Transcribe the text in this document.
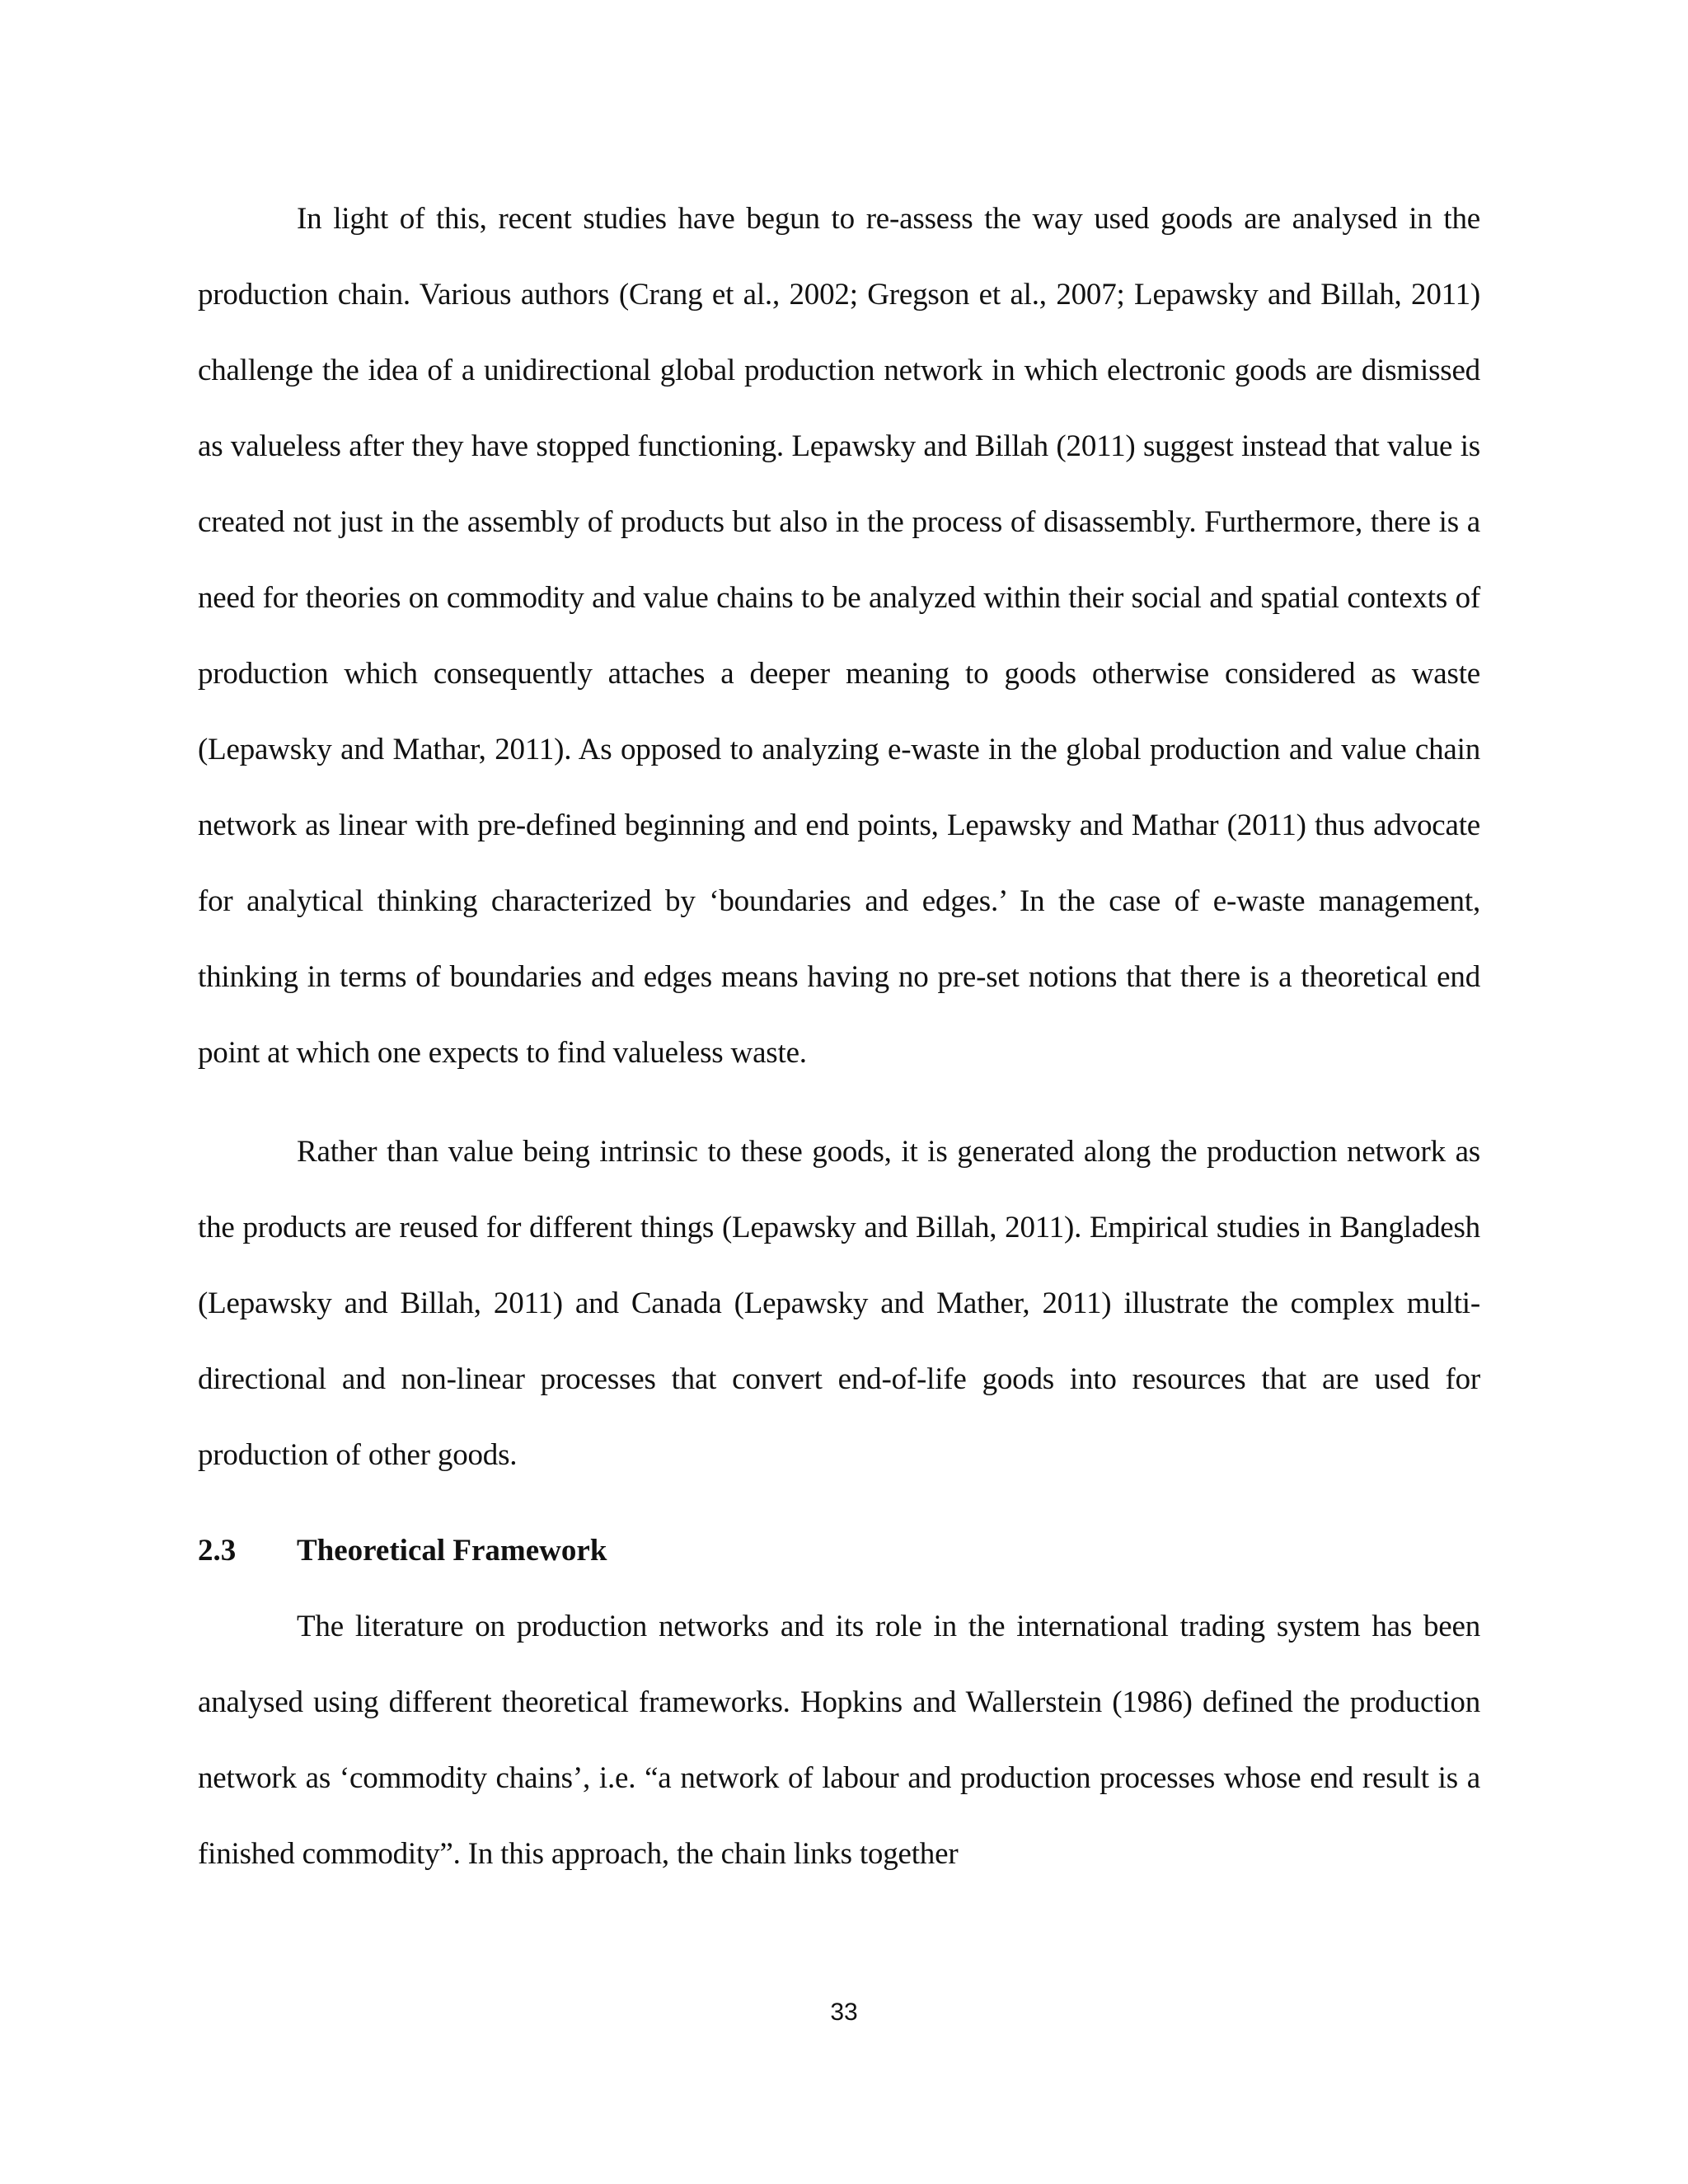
In light of this, recent studies have begun to re-assess the way used goods are analysed in the production chain. Various authors (Crang et al., 2002; Gregson et al., 2007; Lepawsky and Billah, 2011) challenge the idea of a unidirectional global production network in which electronic goods are dismissed as valueless after they have stopped functioning. Lepawsky and Billah (2011) suggest instead that value is created not just in the assembly of products but also in the process of disassembly. Furthermore, there is a need for theories on commodity and value chains to be analyzed within their social and spatial contexts of production which consequently attaches a deeper meaning to goods otherwise considered as waste (Lepawsky and Mathar, 2011). As opposed to analyzing e-waste in the global production and value chain network as linear with pre-defined beginning and end points, Lepawsky and Mathar (2011) thus advocate for analytical thinking characterized by ‘boundaries and edges.’ In the case of e-waste management, thinking in terms of boundaries and edges means having no pre-set notions that there is a theoretical end point at which one expects to find valueless waste.

Rather than value being intrinsic to these goods, it is generated along the production network as the products are reused for different things (Lepawsky and Billah, 2011). Empirical studies in Bangladesh (Lepawsky and Billah, 2011) and Canada (Lepawsky and Mather, 2011) illustrate the complex multi-directional and non-linear processes that convert end-of-life goods into resources that are used for production of other goods.

2.3	Theoretical Framework

The literature on production networks and its role in the international trading system has been analysed using different theoretical frameworks. Hopkins and Wallerstein (1986) defined the production network as ‘commodity chains’, i.e. “a network of labour and production processes whose end result is a finished commodity”. In this approach, the chain links together

33
